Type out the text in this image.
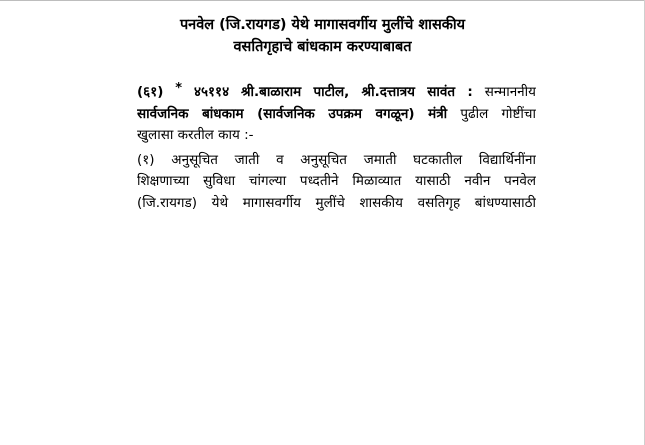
पनवेल (जि.रायगड) येथे मागासवर्गीय मुलींचे शासकीय
वसतिगृहाचे बांधकाम करण्याबाबत
(६१) * ४५११४ श्री.बाळाराम पाटील, श्री.दत्तात्रय सावंत : सन्माननीय
सार्वजनिक बांधकाम (सार्वजनिक उपक्रम वगळून) मंत्री पुढील गोष्टींचा
खुलासा करतील काय :-
(१) अनुसूचित जाती व अनुसूचित जमाती घटकातील विद्यार्थिनींना
शिक्षणाच्या सुविधा चांगल्या पध्दतीने मिळाव्यात यासाठी नवीन पनवेल
(जि.रायगड) येथे मागासवर्गीय मुलींचे शासकीय वसतिगृह बांधण्यासाठी
